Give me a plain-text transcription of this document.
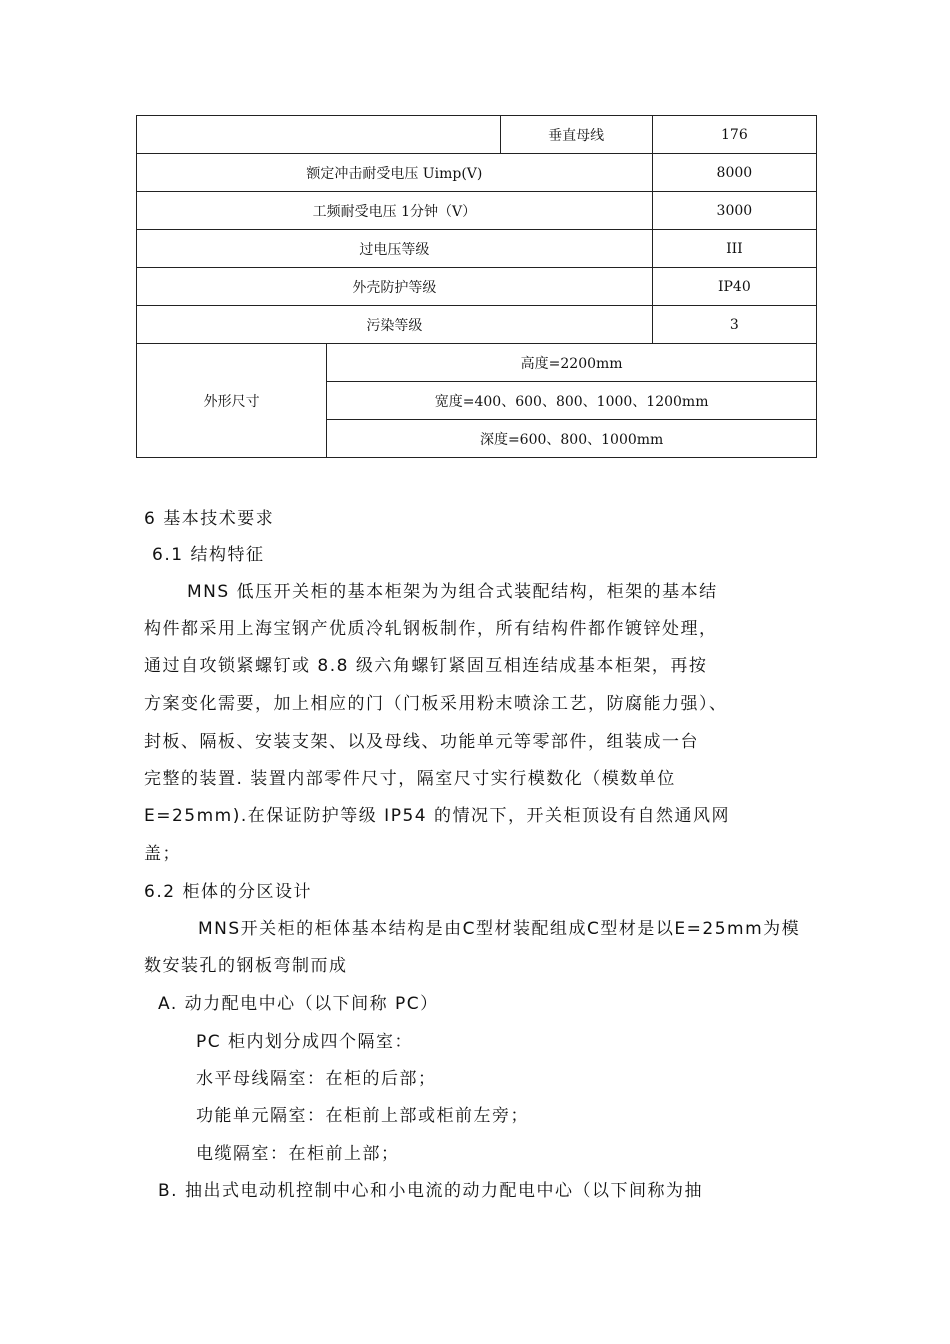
		垂直母线	176
额定冲击耐受电压 Uimp(V)			8000
工频耐受电压 1分钟（V）			3000
过电压等级			III
外壳防护等级			IP40
污染等级			3
外形尺寸	高度=2200mm		
	宽度=400、600、800、1000、1200mm		
	深度=600、800、1000mm		
6 基本技术要求
6.1 结构特征
MNS 低压开关柜的基本柜架为为组合式装配结构，柜架的基本结
构件都采用上海宝钢产优质冷轧钢板制作，所有结构件都作镀锌处理，
通过自攻锁紧螺钉或 8.8 级六角螺钉紧固互相连结成基本柜架，再按
方案变化需要，加上相应的门（门板采用粉末喷涂工艺，防腐能力强）、
封板、隔板、安装支架、以及母线、功能单元等零部件，组装成一台
完整的装置. 装置内部零件尺寸，隔室尺寸实行模数化（模数单位
E=25mm).在保证防护等级 IP54 的情况下，开关柜顶设有自然通风网
盖；
6.2 柜体的分区设计
MNS开关柜的柜体基本结构是由C型材装配组成C型材是以E=25mm为模
数安装孔的钢板弯制而成
A. 动力配电中心（以下间称 PC）
PC 柜内划分成四个隔室：
水平母线隔室：在柜的后部；
功能单元隔室：在柜前上部或柜前左旁；
电缆隔室：在柜前上部；
B. 抽出式电动机控制中心和小电流的动力配电中心（以下间称为抽
